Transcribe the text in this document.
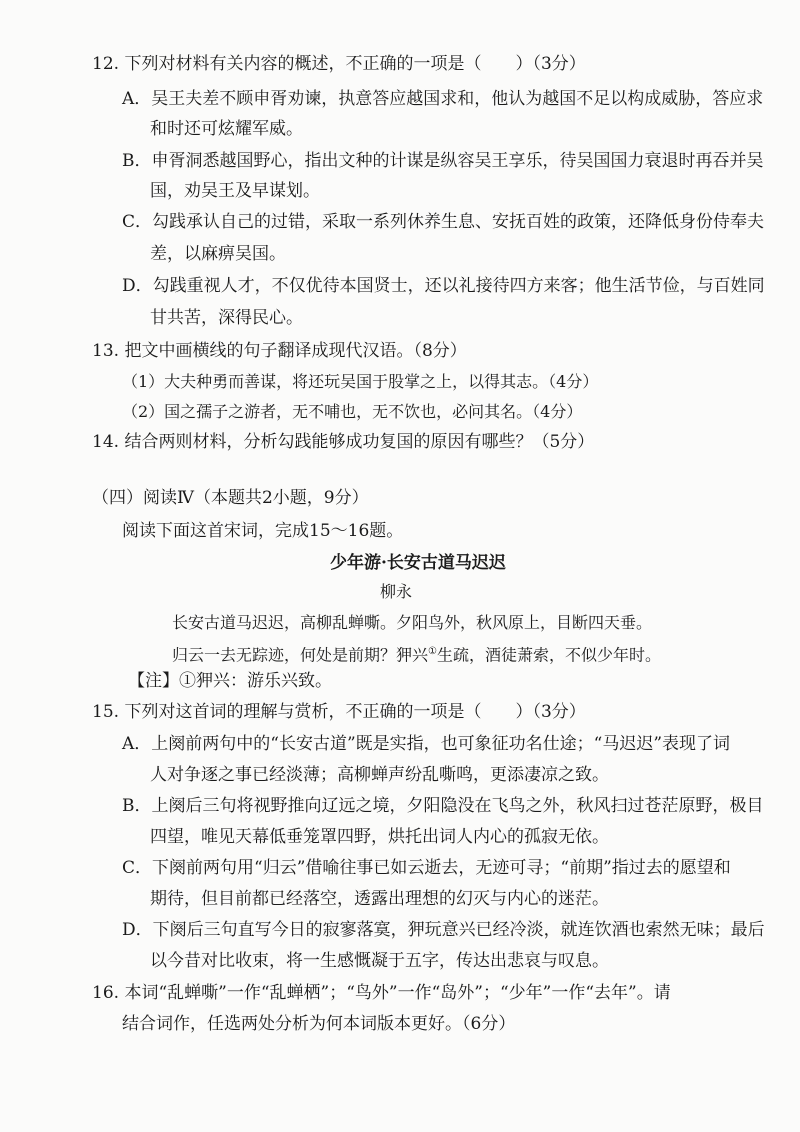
12. 下列对材料有关内容的概述，不正确的一项是（　　）（3分）
A．吴王夫差不顾申胥劝谏，执意答应越国求和，他认为越国不足以构成威胁，答应求
和时还可炫耀军威。
B．申胥洞悉越国野心，指出文种的计谋是纵容吴王享乐，待吴国国力衰退时再吞并吴
国，劝吴王及早谋划。
C．勾践承认自己的过错，采取一系列休养生息、安抚百姓的政策，还降低身份侍奉夫
差，以麻痹吴国。
D．勾践重视人才，不仅优待本国贤士，还以礼接待四方来客；他生活节俭，与百姓同
甘共苦，深得民心。
13. 把文中画横线的句子翻译成现代汉语。（8分）
（1）大夫种勇而善谋，将还玩吴国于股掌之上，以得其志。（4分）
（2）国之孺子之游者，无不哺也，无不饮也，必问其名。（4分）
14. 结合两则材料，分析勾践能够成功复国的原因有哪些？（5分）
（四）阅读Ⅳ（本题共2小题，9分）
阅读下面这首宋词，完成15～16题。
少年游·长安古道马迟迟
柳永
长安古道马迟迟，高柳乱蝉嘶。夕阳鸟外，秋风原上，目断四天垂。
归云一去无踪迹，何处是前期？狎兴①生疏，酒徒萧索，不似少年时。
【注】①狎兴：游乐兴致。
15. 下列对这首词的理解与赏析，不正确的一项是（　　）（3分）
A．上阕前两句中的“长安古道”既是实指，也可象征功名仕途；“马迟迟”表现了词
人对争逐之事已经淡薄；高柳蝉声纷乱嘶鸣，更添凄凉之致。
B．上阕后三句将视野推向辽远之境，夕阳隐没在飞鸟之外，秋风扫过苍茫原野，极目
四望，唯见天幕低垂笼罩四野，烘托出词人内心的孤寂无依。
C．下阕前两句用“归云”借喻往事已如云逝去，无迹可寻；“前期”指过去的愿望和
期待，但目前都已经落空，透露出理想的幻灭与内心的迷茫。
D．下阕后三句直写今日的寂寥落寞，狎玩意兴已经冷淡，就连饮酒也索然无味；最后
以今昔对比收束，将一生感慨凝于五字，传达出悲哀与叹息。
16. 本词“乱蝉嘶”一作“乱蝉栖”；“鸟外”一作“岛外”；“少年”一作“去年”。请
结合词作，任选两处分析为何本词版本更好。（6分）
